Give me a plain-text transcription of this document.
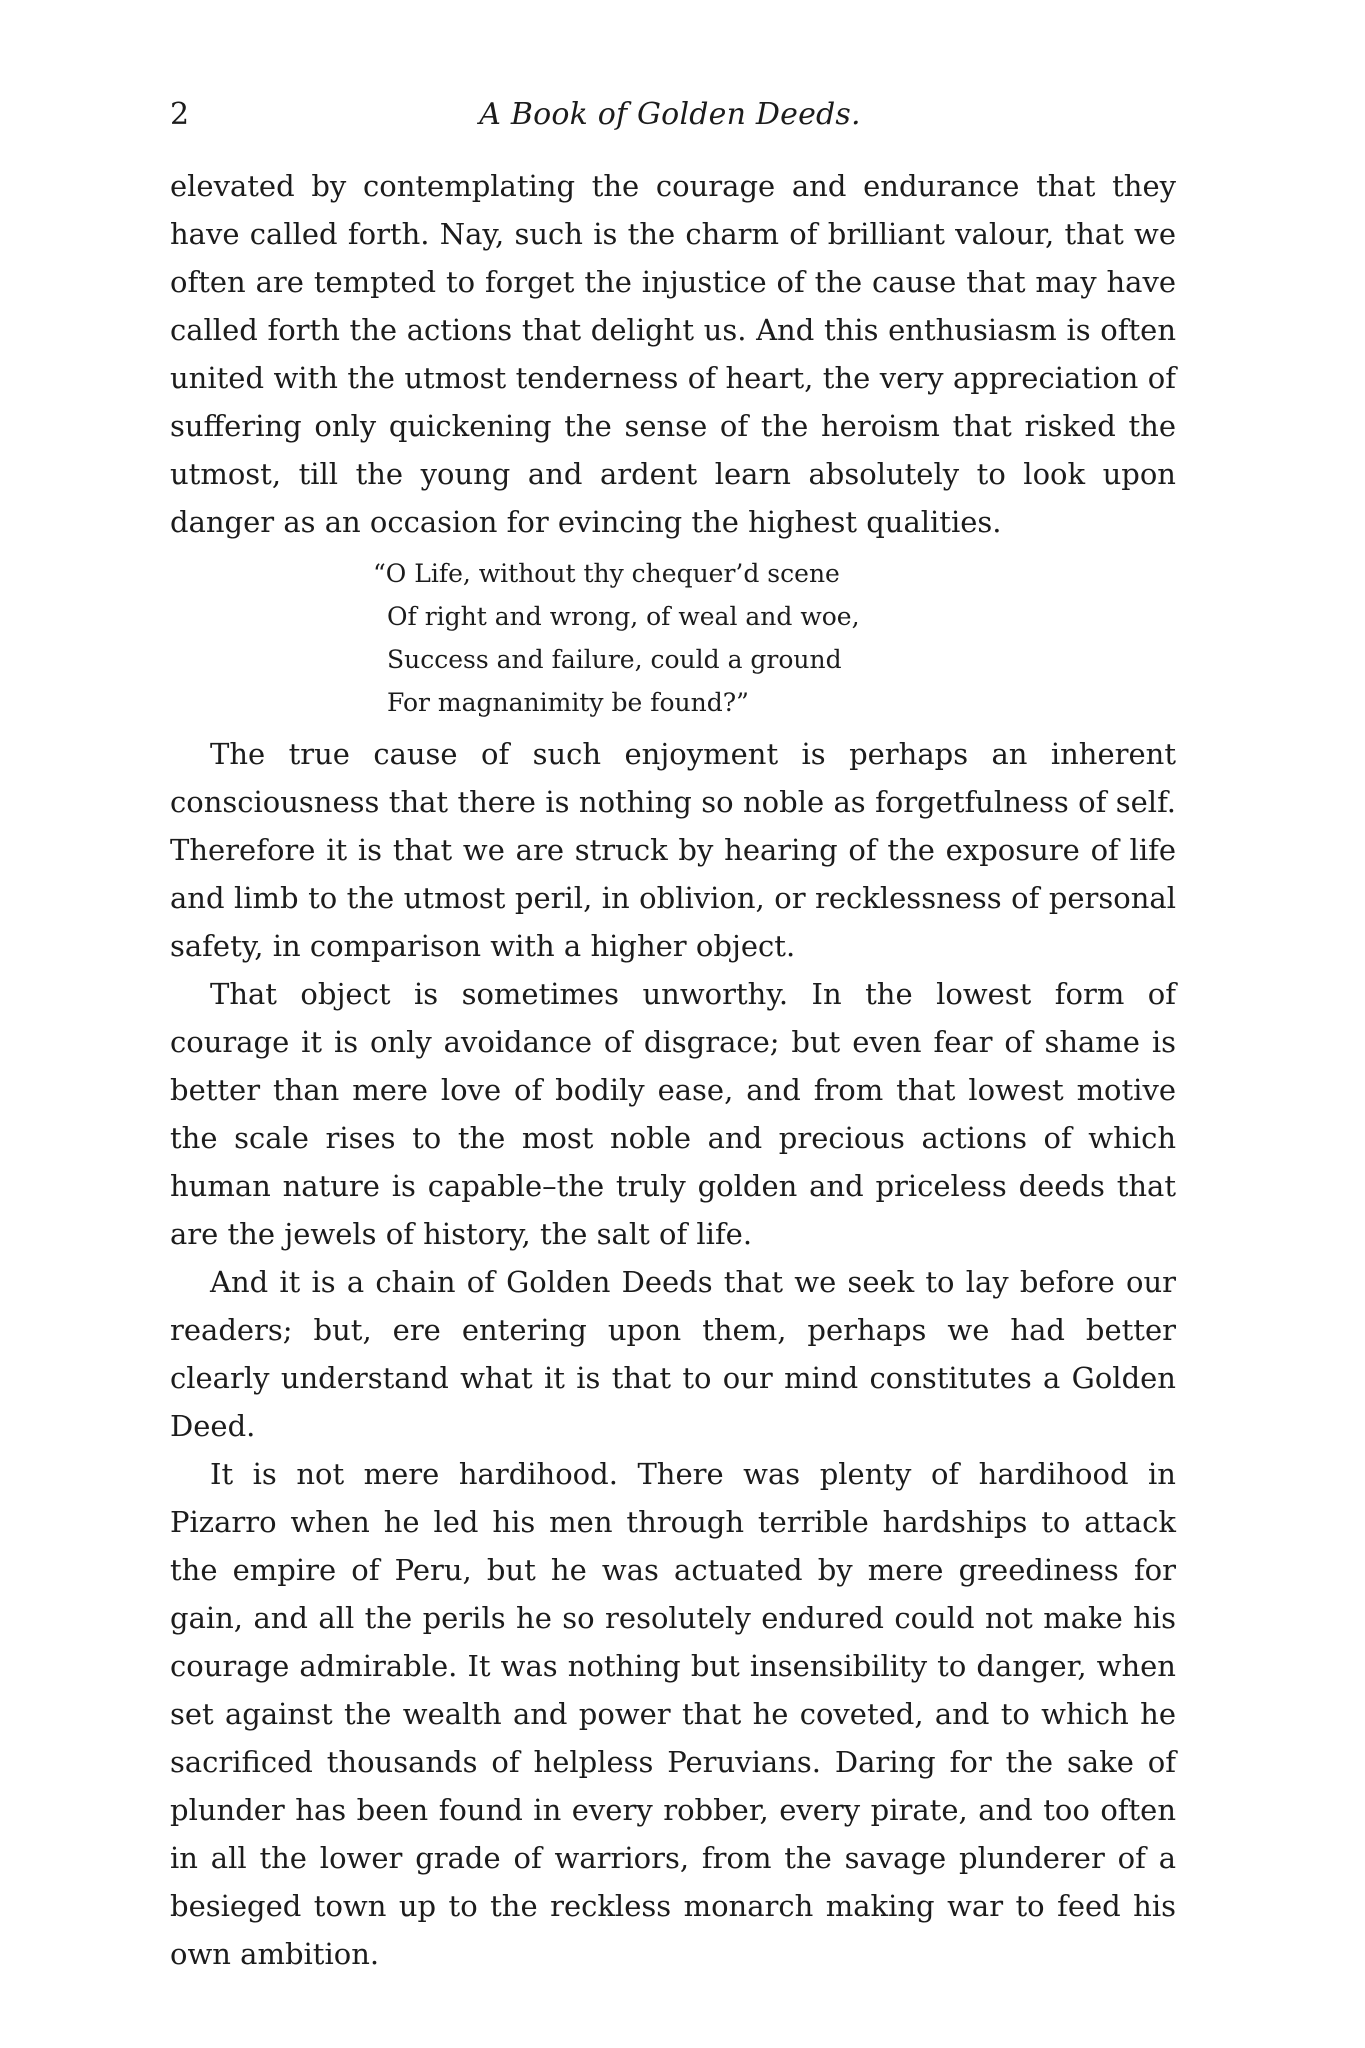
2	A Book of Golden Deeds.

elevated by contemplating the courage and endurance that they have called forth. Nay, such is the charm of brilliant valour, that we often are tempted to forget the injustice of the cause that may have called forth the actions that delight us. And this enthusiasm is often united with the utmost tenderness of heart, the very appreciation of suffering only quickening the sense of the heroism that risked the utmost, till the young and ardent learn absolutely to look upon danger as an occasion for evincing the highest qualities.

“O Life, without thy chequer’d scene
Of right and wrong, of weal and woe,
Success and failure, could a ground
For magnanimity be found?”

The true cause of such enjoyment is perhaps an inherent consciousness that there is nothing so noble as forgetfulness of self. Therefore it is that we are struck by hearing of the exposure of life and limb to the utmost peril, in oblivion, or recklessness of personal safety, in comparison with a higher object.

That object is sometimes unworthy. In the lowest form of courage it is only avoidance of disgrace; but even fear of shame is better than mere love of bodily ease, and from that lowest motive the scale rises to the most noble and precious actions of which human nature is capable–the truly golden and priceless deeds that are the jewels of history, the salt of life.

And it is a chain of Golden Deeds that we seek to lay before our readers; but, ere entering upon them, perhaps we had better clearly understand what it is that to our mind constitutes a Golden Deed.

It is not mere hardihood. There was plenty of hardihood in Pizarro when he led his men through terrible hardships to attack the empire of Peru, but he was actuated by mere greediness for gain, and all the perils he so resolutely endured could not make his courage admirable. It was nothing but insensibility to danger, when set against the wealth and power that he coveted, and to which he sacrificed thousands of helpless Peruvians. Daring for the sake of plunder has been found in every robber, every pirate, and too often in all the lower grade of warriors, from the savage plunderer of a besieged town up to the reckless monarch making war to feed his own ambition.
